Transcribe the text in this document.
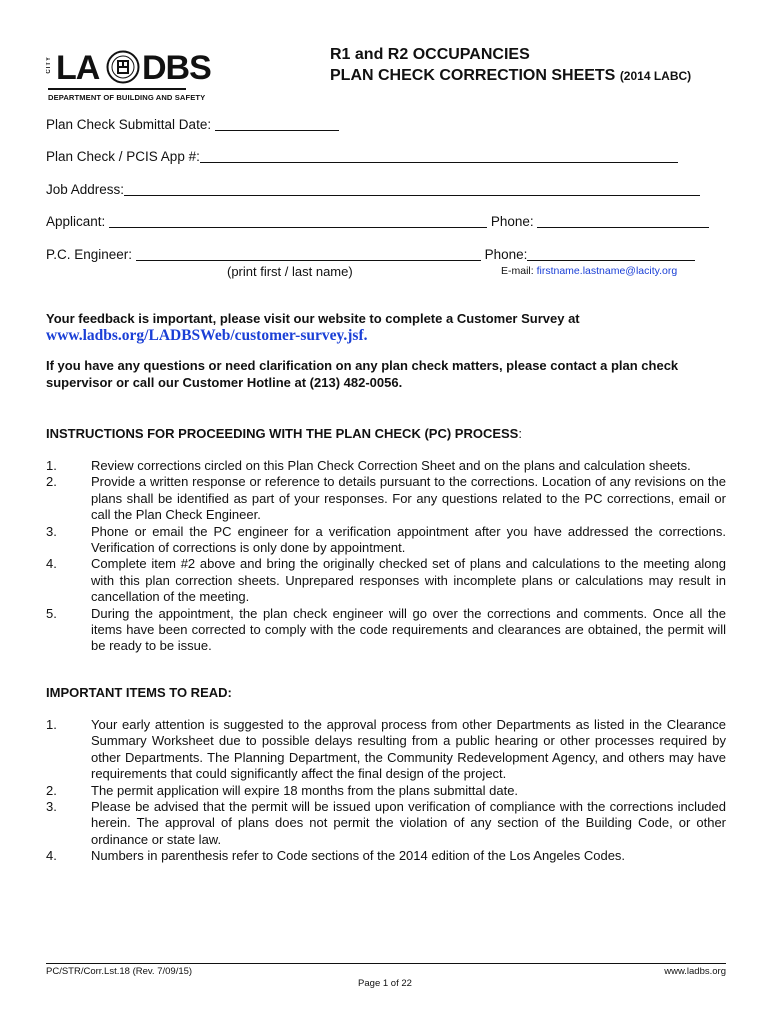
CITY LA DBS
DEPARTMENT OF BUILDING AND SAFETY
R1 and R2 OCCUPANCIES
PLAN CHECK CORRECTION SHEETS (2014 LABC)
Plan Check Submittal Date:
Plan Check / PCIS App #:
Job Address:
Applicant:	Phone:
P.C. Engineer:	Phone:
(print first / last name)	E-mail: firstname.lastname@lacity.org
Your feedback is important, please visit our website to complete a Customer Survey at
www.ladbs.org/LADBSWeb/customer-survey.jsf.
If you have any questions or need clarification on any plan check matters, please contact a plan check supervisor or call our Customer Hotline at (213) 482-0056.
INSTRUCTIONS FOR PROCEEDING WITH THE PLAN CHECK (PC) PROCESS:
1.	Review corrections circled on this Plan Check Correction Sheet and on the plans and calculation sheets.
2.	Provide a written response or reference to details pursuant to the corrections. Location of any revisions on the plans shall be identified as part of your responses. For any questions related to the PC corrections, email or call the Plan Check Engineer.
3.	Phone or email the PC engineer for a verification appointment after you have addressed the corrections. Verification of corrections is only done by appointment.
4.	Complete item #2 above and bring the originally checked set of plans and calculations to the meeting along with this plan correction sheets. Unprepared responses with incomplete plans or calculations may result in cancellation of the meeting.
5.	During the appointment, the plan check engineer will go over the corrections and comments. Once all the items have been corrected to comply with the code requirements and clearances are obtained, the permit will be ready to be issue.
IMPORTANT ITEMS TO READ:
1.	Your early attention is suggested to the approval process from other Departments as listed in the Clearance Summary Worksheet due to possible delays resulting from a public hearing or other processes required by other Departments. The Planning Department, the Community Redevelopment Agency, and others may have requirements that could significantly affect the final design of the project.
2.	The permit application will expire 18 months from the plans submittal date.
3.	Please be advised that the permit will be issued upon verification of compliance with the corrections included herein. The approval of plans does not permit the violation of any section of the Building Code, or other ordinance or state law.
4.	Numbers in parenthesis refer to Code sections of the 2014 edition of the Los Angeles Codes.
PC/STR/Corr.Lst.18 (Rev. 7/09/15)	www.ladbs.org
Page 1 of 22
